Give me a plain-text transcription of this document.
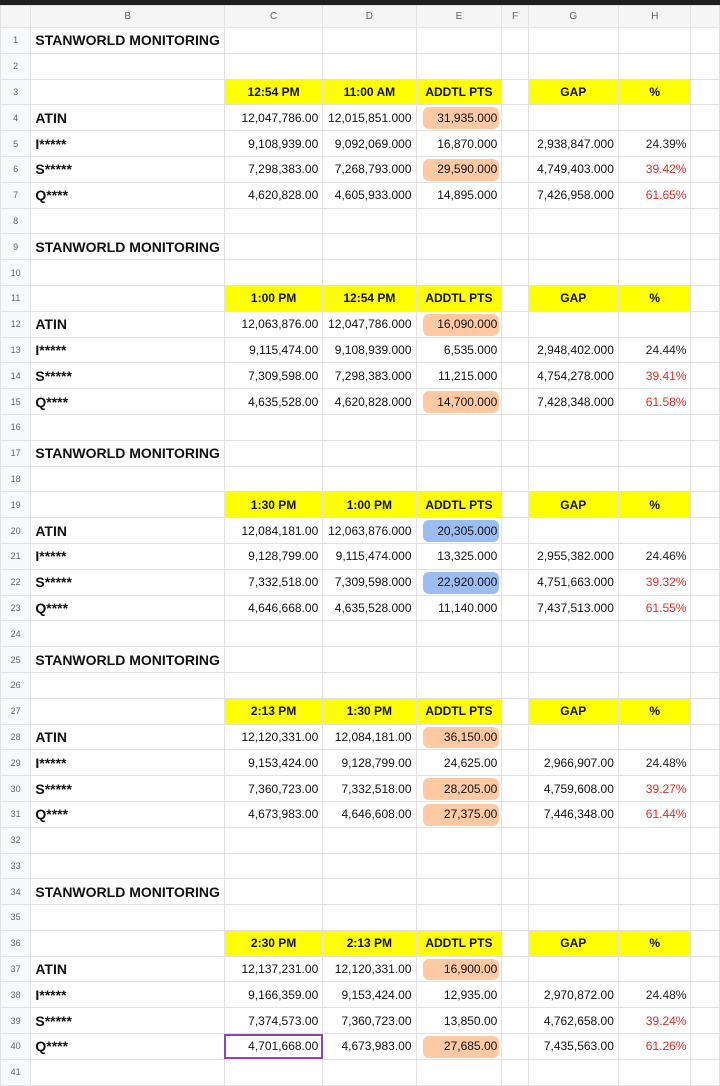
	B	C	D	E	F	G	H	
1	STANWORLD MONITORING							
2								
3		12:54 PM	11:00 AM	ADDTL PTS		GAP	%	
4	ATIN	12,047,786.00	12,015,851.000	31,935.000				
5	I*****	9,108,939.00	9,092,069.000	16,870.000		2,938,847.000	24.39%	
6	S*****	7,298,383.00	7,268,793.000	29,590.000		4,749,403.000	39.42%	
7	Q****	4,620,828.00	4,605,933.000	14,895.000		7,426,958.000	61.65%	
8								
9	STANWORLD MONITORING							
10								
11		1:00 PM	12:54 PM	ADDTL PTS		GAP	%	
12	ATIN	12,063,876.00	12,047,786.000	16,090.000				
13	I*****	9,115,474.00	9,108,939.000	6,535.000		2,948,402.000	24.44%	
14	S*****	7,309,598.00	7,298,383.000	11,215.000		4,754,278.000	39.41%	
15	Q****	4,635,528.00	4,620,828.000	14,700.000		7,428,348.000	61.58%	
16								
17	STANWORLD MONITORING							
18								
19		1:30 PM	1:00 PM	ADDTL PTS		GAP	%	
20	ATIN	12,084,181.00	12,063,876.000	20,305.000				
21	I*****	9,128,799.00	9,115,474.000	13,325.000		2,955,382.000	24.46%	
22	S*****	7,332,518.00	7,309,598.000	22,920.000		4,751,663.000	39.32%	
23	Q****	4,646,668.00	4,635,528.000	11,140.000		7,437,513.000	61.55%	
24								
25	STANWORLD MONITORING							
26								
27		2:13 PM	1:30 PM	ADDTL PTS		GAP	%	
28	ATIN	12,120,331.00	12,084,181.00	36,150.00				
29	I*****	9,153,424.00	9,128,799.00	24,625.00		2,966,907.00	24.48%	
30	S*****	7,360,723.00	7,332,518.00	28,205.00		4,759,608.00	39.27%	
31	Q****	4,673,983.00	4,646,608.00	27,375.00		7,446,348.00	61.44%	
32								
33								
34	STANWORLD MONITORING							
35								
36		2:30 PM	2:13 PM	ADDTL PTS		GAP	%	
37	ATIN	12,137,231.00	12,120,331.00	16,900.00				
38	I*****	9,166,359.00	9,153,424.00	12,935.00		2,970,872.00	24.48%	
39	S*****	7,374,573.00	7,360,723.00	13,850.00		4,762,658.00	39.24%	
40	Q****	4,701,668.00	4,673,983.00	27,685.00		7,435,563.00	61.26%	
41								
